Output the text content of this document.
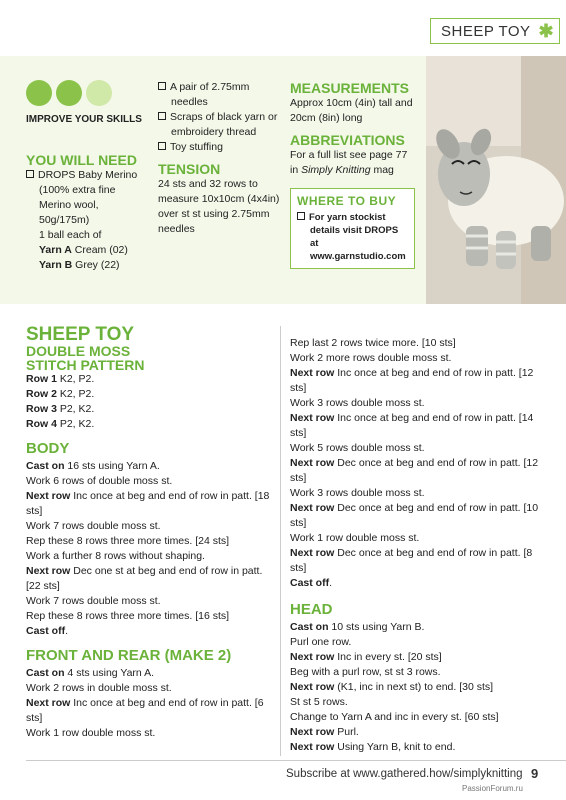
SHEEP TOY ✱
IMPROVE YOUR SKILLS
YOU WILL NEED
DROPS Baby Merino (100% extra fine Merino wool, 50g/175m)
1 ball each of
Yarn A Cream (02)
Yarn B Grey (22)
A pair of 2.75mm needles
Scraps of black yarn or embroidery thread
Toy stuffing
TENSION
24 sts and 32 rows to measure 10x10cm (4x4in) over st st using 2.75mm needles
MEASUREMENTS
Approx 10cm (4in) tall and 20cm (8in) long
ABBREVIATIONS
For a full list see page 77 in Simply Knitting mag
WHERE TO BUY
For yarn stockist details visit DROPS at www.garnstudio.com
SHEEP TOY
DOUBLE MOSS
STITCH PATTERN
Row 1 K2, P2.
Row 2 K2, P2.
Row 3 P2, K2.
Row 4 P2, K2.
BODY
Cast on 16 sts using Yarn A.
Work 6 rows of double moss st.
Next row Inc once at beg and end of row in patt. [18 sts]
Work 7 rows double moss st.
Rep these 8 rows three more times. [24 sts]
Work a further 8 rows without shaping.
Next row Dec one st at beg and end of row in patt. [22 sts]
Work 7 rows double moss st.
Rep these 8 rows three more times. [16 sts]
Cast off.
FRONT AND REAR (MAKE 2)
Cast on 4 sts using Yarn A.
Work 2 rows in double moss st.
Next row Inc once at beg and end of row in patt. [6 sts]
Work 1 row double moss st.
Rep last 2 rows twice more. [10 sts]
Work 2 more rows double moss st.
Next row Inc once at beg and end of row in patt. [12 sts]
Work 3 rows double moss st.
Next row Inc once at beg and end of row in patt. [14 sts]
Work 5 rows double moss st.
Next row Dec once at beg and end of row in patt. [12 sts]
Work 3 rows double moss st.
Next row Dec once at beg and end of row in patt. [10 sts]
Work 1 row double moss st.
Next row Dec once at beg and end of row in patt. [8 sts]
Cast off.
HEAD
Cast on 10 sts using Yarn B.
Purl one row.
Next row Inc in every st. [20 sts]
Beg with a purl row, st st 3 rows.
Next row (K1, inc in next st) to end. [30 sts]
St st 5 rows.
Change to Yarn A and inc in every st. [60 sts]
Next row Purl.
Next row Using Yarn B, knit to end.
Subscribe at www.gathered.how/simplyknitting 9
PassionForum.ru
